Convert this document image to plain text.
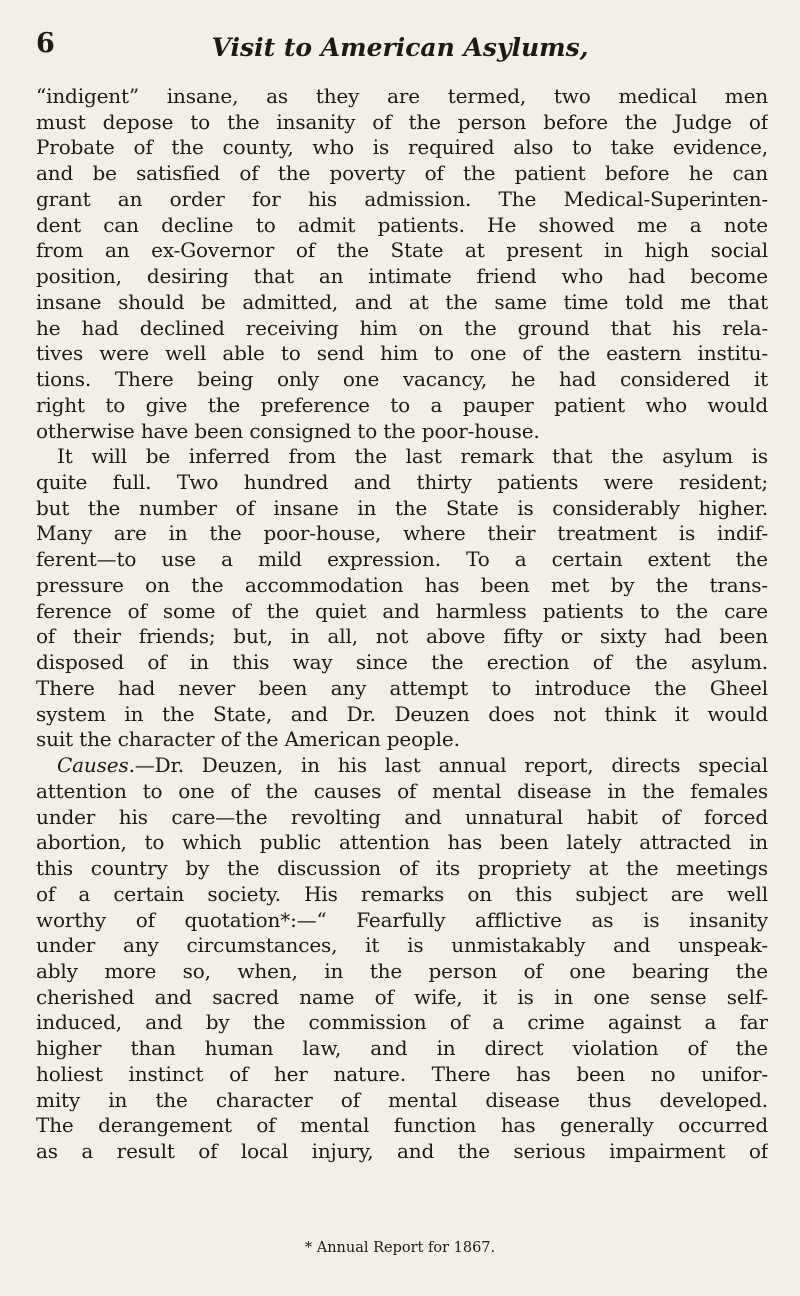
6	Visit to American Asylums,
“indigent” insane, as they are termed, two medical men
must depose to the insanity of the person before the Judge of
Probate of the county, who is required also to take evidence,
and be satisfied of the poverty of the patient before he can
grant an order for his admission. The Medical-Superinten-
dent can decline to admit patients. He showed me a note
from an ex-Governor of the State at present in high social
position, desiring that an intimate friend who had become
insane should be admitted, and at the same time told me that
he had declined receiving him on the ground that his rela-
tives were well able to send him to one of the eastern institu-
tions. There being only one vacancy, he had considered it
right to give the preference to a pauper patient who would
otherwise have been consigned to the poor-house.
It will be inferred from the last remark that the asylum is
quite full. Two hundred and thirty patients were resident;
but the number of insane in the State is considerably higher.
Many are in the poor-house, where their treatment is indif-
ferent—to use a mild expression. To a certain extent the
pressure on the accommodation has been met by the trans-
ference of some of the quiet and harmless patients to the care
of their friends; but, in all, not above fifty or sixty had been
disposed of in this way since the erection of the asylum.
There had never been any attempt to introduce the Gheel
system in the State, and Dr. Deuzen does not think it would
suit the character of the American people.
Causes.—Dr. Deuzen, in his last annual report, directs special
attention to one of the causes of mental disease in the females
under his care—the revolting and unnatural habit of forced
abortion, to which public attention has been lately attracted in
this country by the discussion of its propriety at the meetings
of a certain society. His remarks on this subject are well
worthy of quotation*:—“ Fearfully afflictive as is insanity
under any circumstances, it is unmistakably and unspeak-
ably more so, when, in the person of one bearing the
cherished and sacred name of wife, it is in one sense self-
induced, and by the commission of a crime against a far
higher than human law, and in direct violation of the
holiest instinct of her nature. There has been no unifor-
mity in the character of mental disease thus developed.
The derangement of mental function has generally occurred
as a result of local injury, and the serious impairment of
* Annual Report for 1867.
